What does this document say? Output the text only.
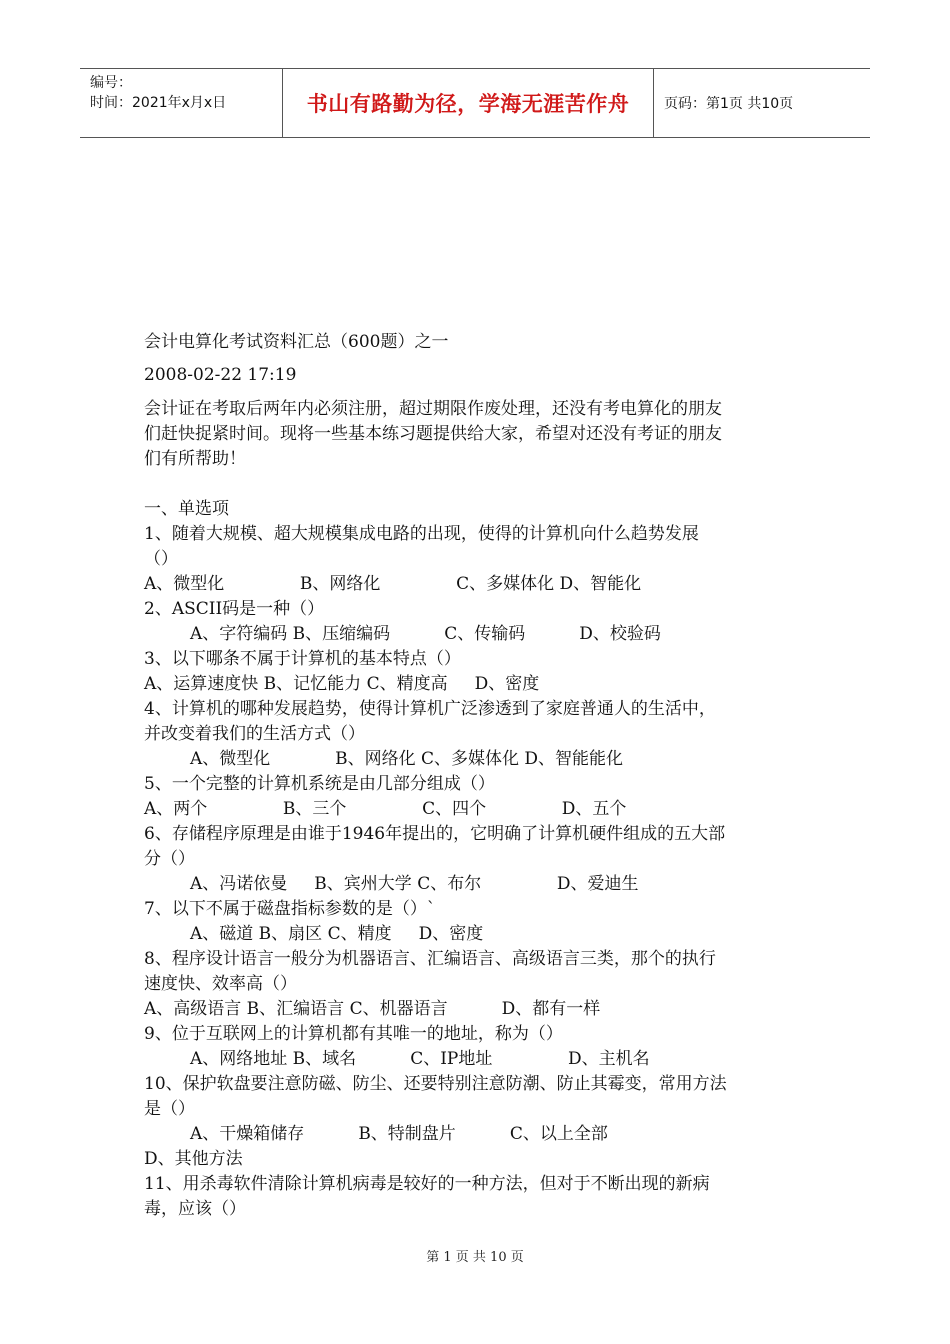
编号：
时间：2021年x月x日	书山有路勤为径，学海无涯苦作舟	页码：第1页 共10页
会计电算化考试资料汇总（600题）之一
2008-02-22 17:19
会计证在考取后两年内必须注册，超过期限作废处理，还没有考电算化的朋友
们赶快捉紧时间。现将一些基本练习题提供给大家，希望对还没有考证的朋友
们有所帮助！
一、单选项
1、随着大规模、超大规模集成电路的出现，使得的计算机向什么趋势发展
（）
A、微型化              B、网络化              C、多媒体化 D、智能化
2、ASCII码是一种（）
A、字符编码 B、压缩编码          C、传输码          D、校验码
3、以下哪条不属于计算机的基本特点（）
A、运算速度快 B、记忆能力 C、精度高     D、密度
4、计算机的哪种发展趋势，使得计算机广泛渗透到了家庭普通人的生活中，
并改变着我们的生活方式（）
A、微型化            B、网络化 C、多媒体化 D、智能能化
5、一个完整的计算机系统是由几部分组成（）
A、两个              B、三个              C、四个              D、五个
6、存储程序原理是由谁于1946年提出的，它明确了计算机硬件组成的五大部
分（）
A、冯诺依曼     B、宾州大学 C、布尔              D、爱迪生
7、以下不属于磁盘指标参数的是（）`
A、磁道 B、扇区 C、精度     D、密度
8、程序设计语言一般分为机器语言、汇编语言、高级语言三类，那个的执行
速度快、效率高（）
A、高级语言 B、汇编语言 C、机器语言          D、都有一样
9、位于互联网上的计算机都有其唯一的地址，称为（）
A、网络地址 B、域名          C、IP地址              D、主机名
10、保护软盘要注意防磁、防尘、还要特别注意防潮、防止其霉变，常用方法
是（）
A、干燥箱储存          B、特制盘片          C、以上全部
D、其他方法
11、用杀毒软件清除计算机病毒是较好的一种方法，但对于不断出现的新病
毒，应该（）
第 1 页 共 10 页
